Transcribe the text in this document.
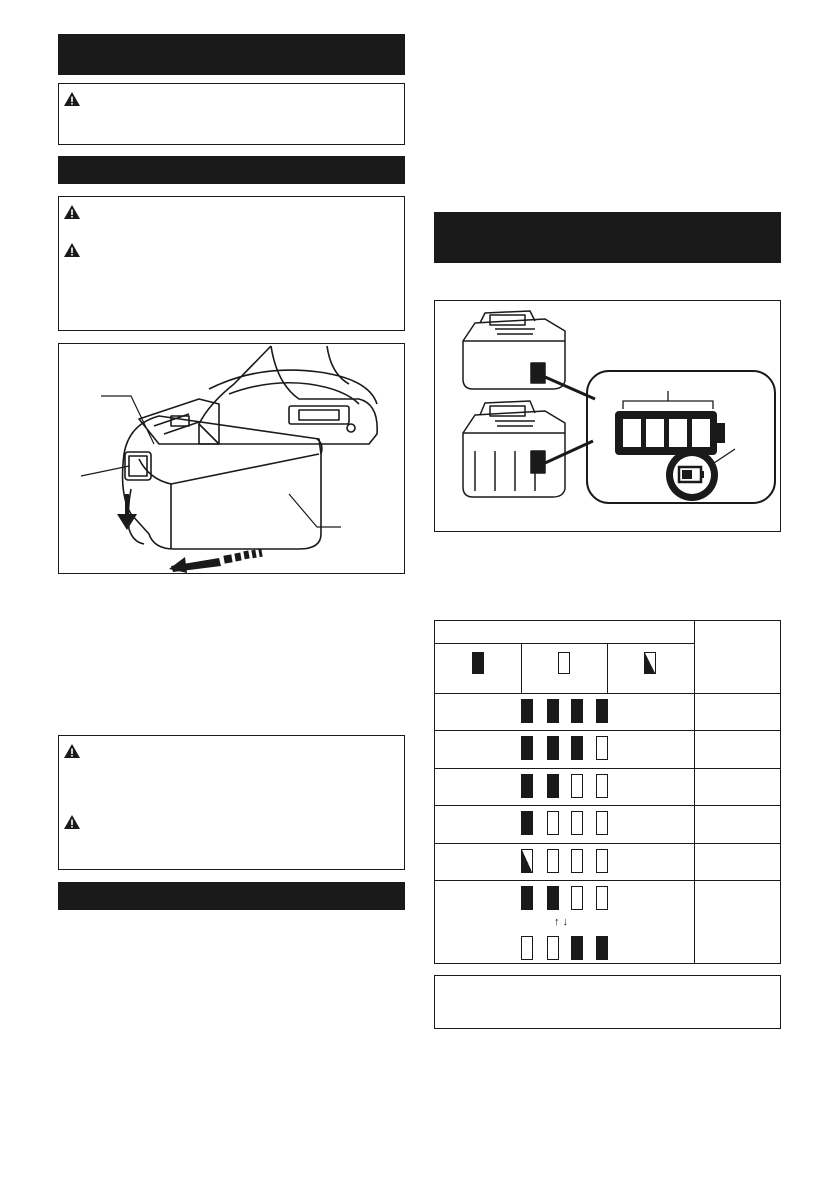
↑ ↓
